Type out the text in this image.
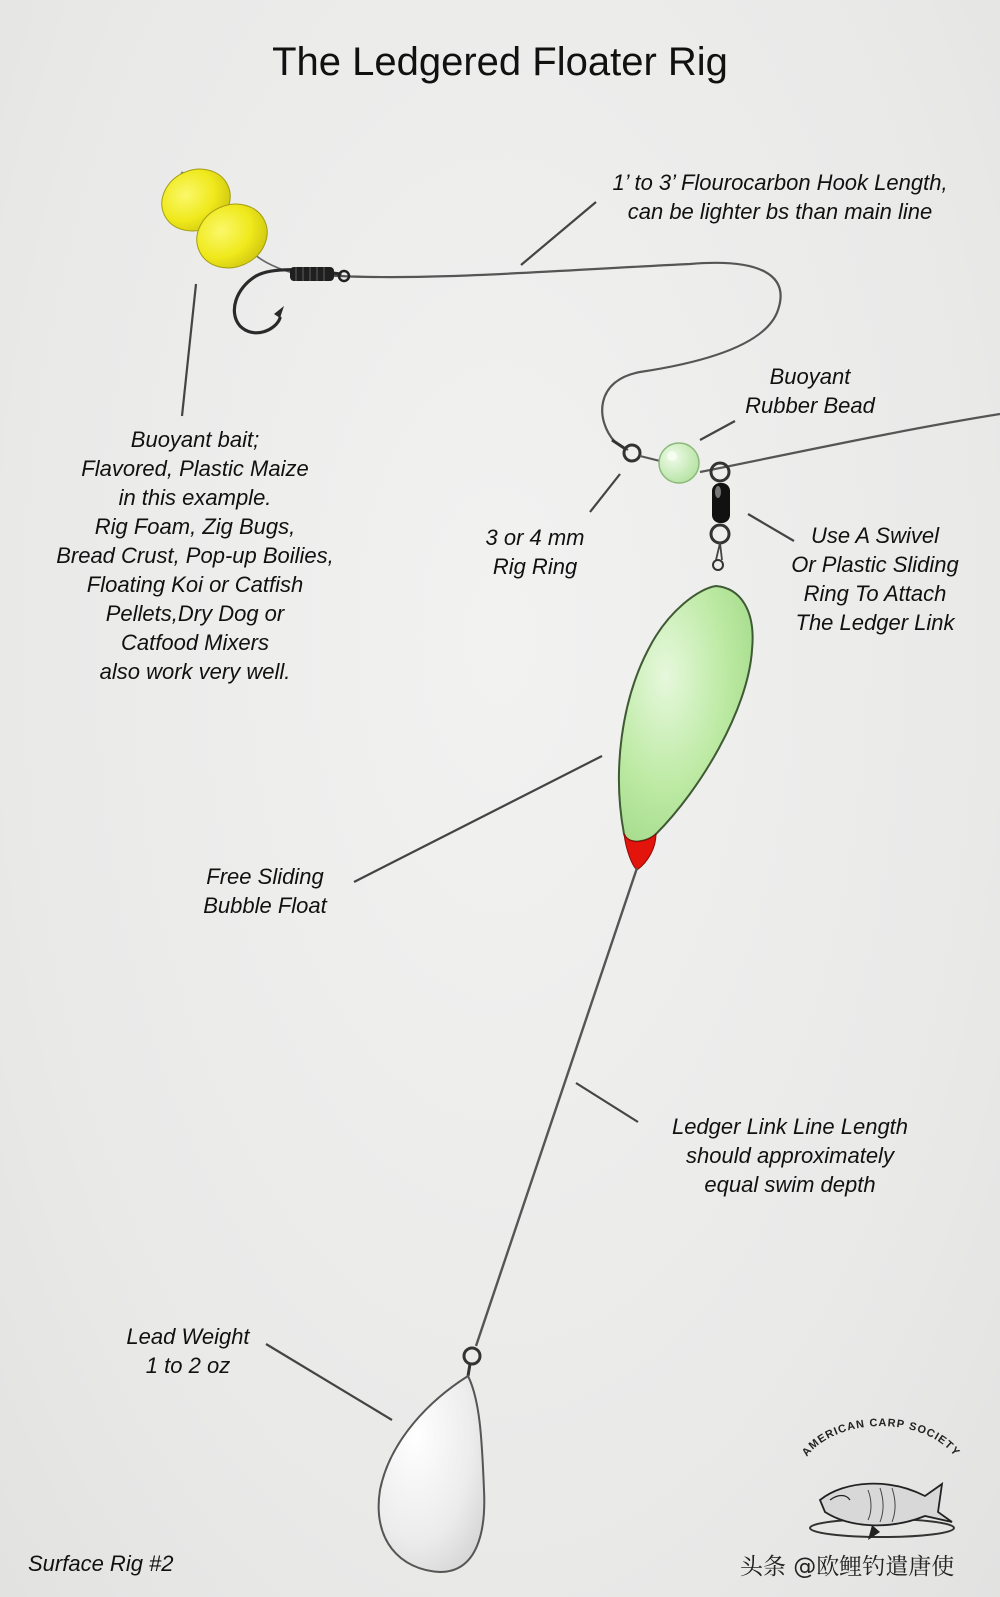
AMERICAN CARP SOCIETY
The Ledgered Floater Rig
1’ to 3’ Flourocarbon Hook Length,
can be lighter bs than main line
Buoyant
Rubber Bead
Buoyant bait;
Flavored, Plastic Maize
in this example.
Rig Foam, Zig Bugs,
Bread Crust, Pop-up Boilies,
Floating Koi or Catfish
Pellets,Dry Dog or
Catfood Mixers
also work very well.
3 or 4 mm
Rig Ring
Use A Swivel
Or Plastic Sliding
Ring To Attach
The Ledger Link
Free Sliding
Bubble Float
Ledger Link Line Length
should approximately
equal swim depth
Lead Weight
1 to 2 oz
Surface Rig #2	头条 @欧鲤钓遣唐使
